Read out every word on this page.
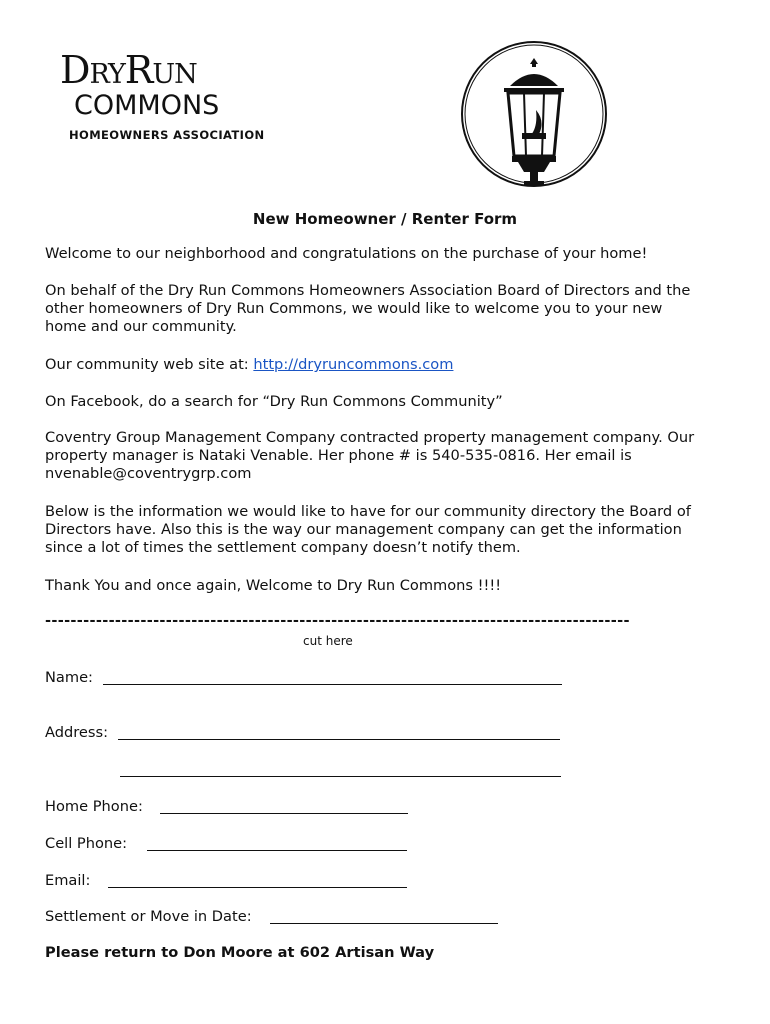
DryRun
COMMONS
HOMEOWNERS ASSOCIATION
New Homeowner / Renter Form
Welcome to our neighborhood and congratulations on the purchase of your home!
On behalf of the Dry Run Commons Homeowners Association Board of Directors and the
other homeowners of Dry Run Commons, we would like to welcome you to your new
home and our community.
Our community web site at: http://dryruncommons.com
On Facebook, do a search for “Dry Run Commons Community”
Coventry Group Management Company contracted property management company. Our
property manager is Nataki Venable. Her phone # is 540-535-0816. Her email is
nvenable@coventrygrp.com
Below is the information we would like to have for our community directory the Board of
Directors have. Also this is the way our management company can get the information
since a lot of times the settlement company doesn’t notify them.
Thank You and once again, Welcome to Dry Run Commons !!!!
--------------------------------------------------------------------------------------------
cut here
Name:
Address:
Home Phone:
Cell Phone:
Email:
Settlement or Move in Date:
Please return to Don Moore at 602 Artisan Way
